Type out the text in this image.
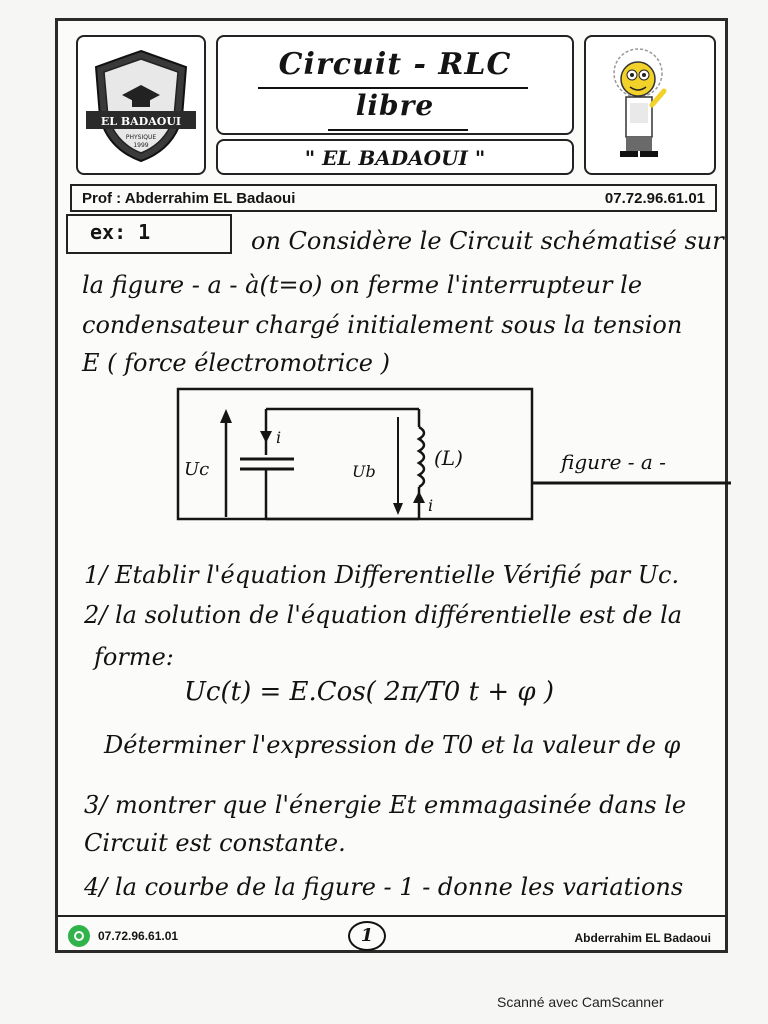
EL BADAOUI
PHYSIQUE
1999
Circuit - RLC
libre
" EL BADAOUI "
Prof : Abderrahim EL Badaoui	07.72.96.61.01
ex: 1	on Considère le Circuit schématisé sur
la figure - a - à(t=o) on ferme l'interrupteur le
condensateur chargé initialement sous la tension
E ( force électromotrice )
Uc
i
Ub
(L)
i
figure - a -
1/ Etablir l'équation Differentielle Vérifié par Uc.
2/ la solution de l'équation différentielle est de la
forme:
Uc(t) = E.Cos( 2π/T0 t + φ )
Déterminer l'expression de T0 et la valeur de φ
3/ montrer que l'énergie Et emmagasinée dans le
Circuit est constante.
4/ la courbe de la figure - 1 - donne les variations
07.72.96.61.01	1	Abderrahim EL Badaoui
Scanné avec CamScanner
